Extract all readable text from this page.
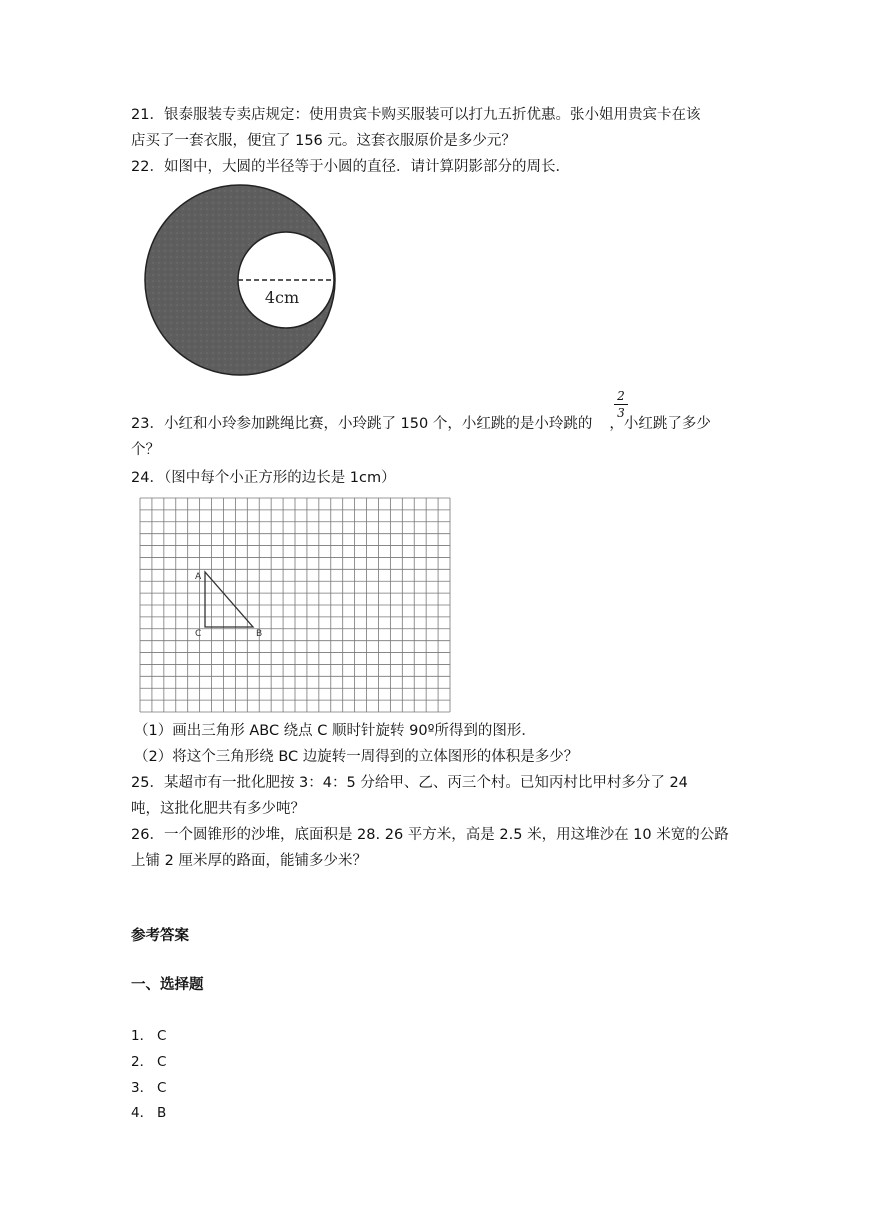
21．银泰服装专卖店规定：使用贵宾卡购买服装可以打九五折优惠。张小姐用贵宾卡在该
店买了一套衣服，便宜了 156 元。这套衣服原价是多少元？
22．如图中，大圆的半径等于小圆的直径．请计算阴影部分的周长．
4cm
23．小红和小玲参加跳绳比赛，小玲跳了 150 个，小红跳的是小玲跳的 ，小红跳了多少
2
3
个？
24．（图中每个小正方形的边长是 1cm）
A
C	B
（1）画出三角形 ABC 绕点 C 顺时针旋转 90º所得到的图形．
（2）将这个三角形绕 BC 边旋转一周得到的立体图形的体积是多少？
25．某超市有一批化肥按 3：4：5 分给甲、乙、丙三个村。已知丙村比甲村多分了 24
吨，这批化肥共有多少吨？
26．一个圆锥形的沙堆，底面积是 28. 26 平方米，高是 2.5 米，用这堆沙在 10 米宽的公路
上铺 2 厘米厚的路面，能铺多少米？
参考答案
一、选择题
1． C
2． C
3． C
4． B
